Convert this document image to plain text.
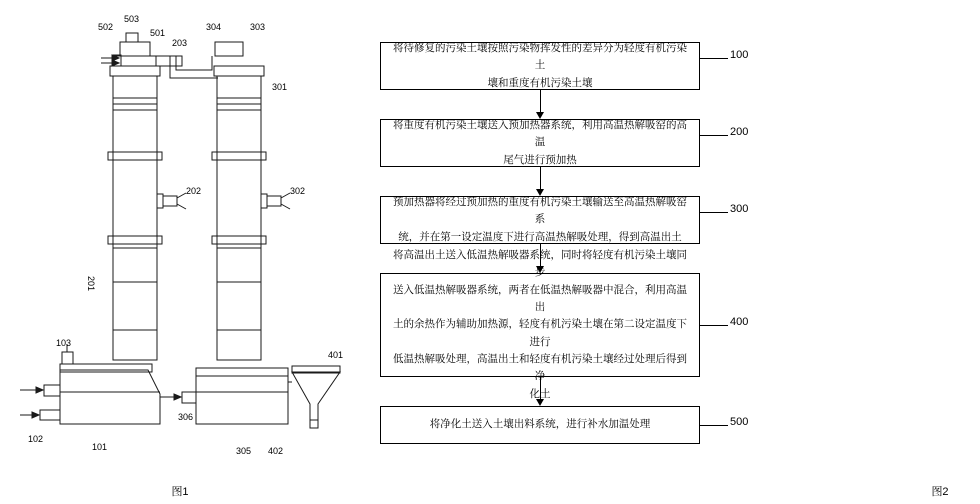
502
503
501
203
304	303
301
202	302
201
103
102
101
306
305 402
401
图1
将待修复的污染土壤按照污染物挥发性的差异分为轻度有机污染土
壤和重度有机污染土壤
100
将重度有机污染土壤送入预加热器系统，利用高温热解吸窑的高温
尾气进行预加热
200
预加热器将经过预加热的重度有机污染土壤输送至高温热解吸窑系
统，并在第一设定温度下进行高温热解吸处理，得到高温出土
300
将高温出土送入低温热解吸器系统，同时将轻度有机污染土壤同步
送入低温热解吸器系统，两者在低温热解吸器中混合，利用高温出
土的余热作为辅助加热源，轻度有机污染土壤在第二设定温度下进行
低温热解吸处理，高温出土和轻度有机污染土壤经过处理后得到净
化土
400
将净化土送入土壤出料系统，进行补水加温处理	500
图2
